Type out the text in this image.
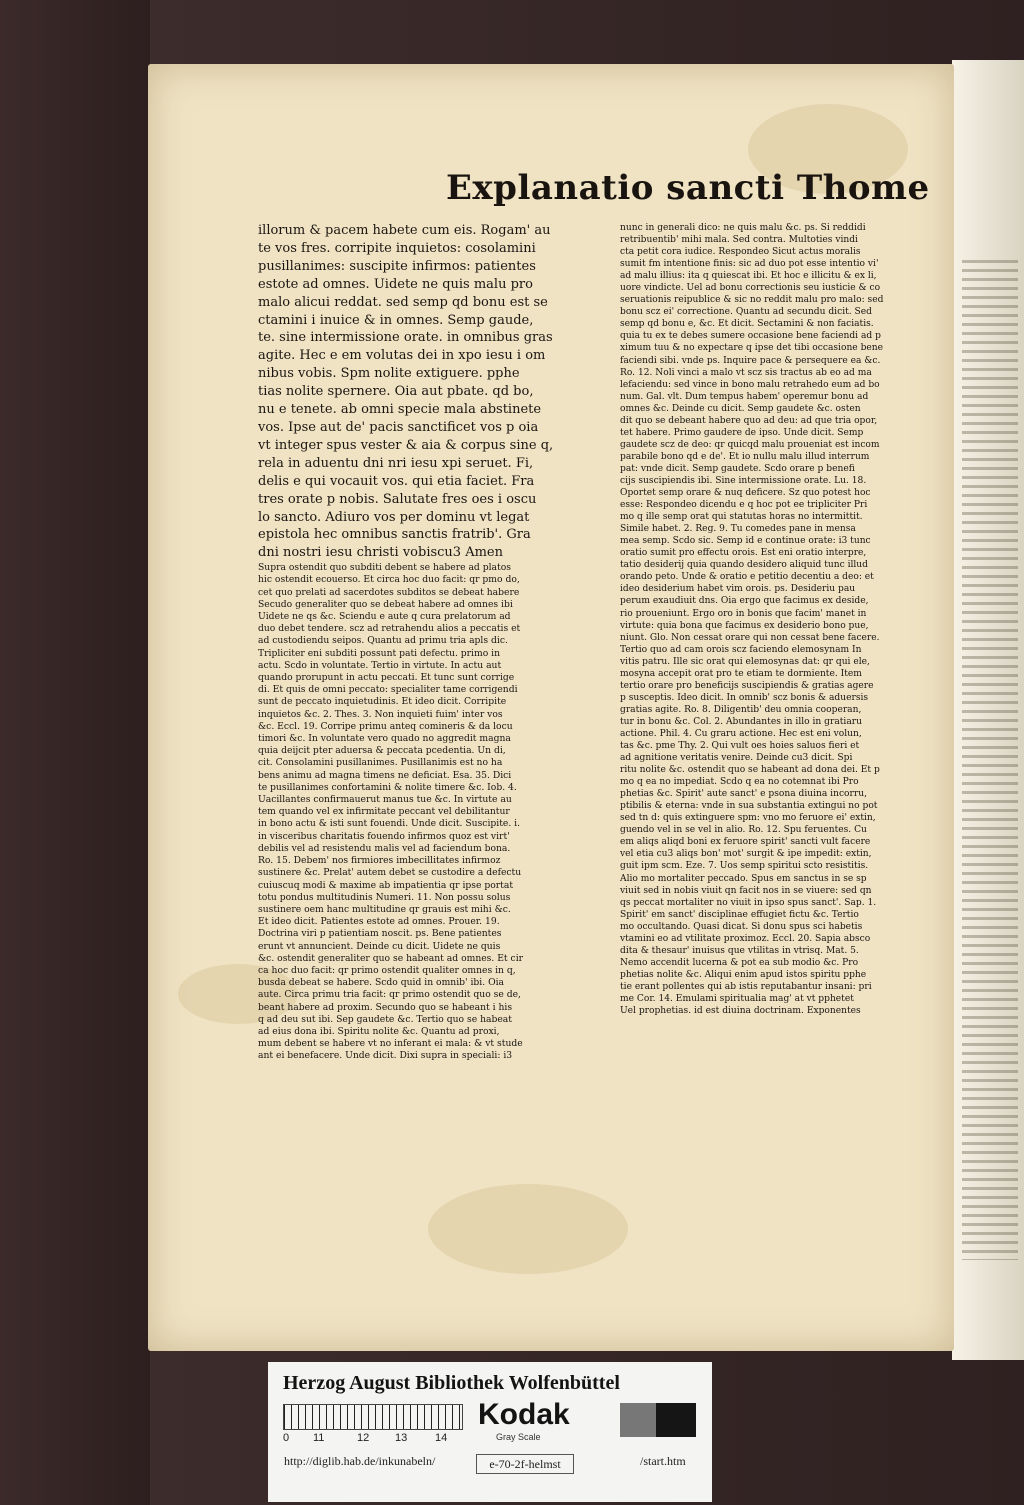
Explanatio sancti Thome
illorum & pacem habete cum eis. Rogam' au
te vos fres. corripite inquietos: cosolamini
pusillanimes: suscipite infirmos: patientes
estote ad omnes. Uidete ne quis malu pro
malo alicui reddat. sed semp qd bonu est se
ctamini i inuice & in omnes. Semp gaude,
te. sine intermissione orate. in omnibus gras
agite. Hec e em volutas dei in xpo iesu i om
nibus vobis. Spm nolite extiguere. pphe
tias nolite spernere. Oia aut pbate. qd bo,
nu e tenete. ab omni specie mala abstinete
vos. Ipse aut de' pacis sanctificet vos p oia
vt integer spus vester & aia & corpus sine q,
rela in aduentu dni nri iesu xpi seruet. Fi,
delis e qui vocauit vos. qui etia faciet. Fra
tres orate p nobis. Salutate fres oes i oscu
lo sancto. Adiuro vos per dominu vt legat
epistola hec omnibus sanctis fratrib'. Gra
dni nostri iesu christi vobiscu3 Amen
Supra ostendit quo subditi debent se habere ad platos
hic ostendit ecouerso. Et circa hoc duo facit: qr pmo do,
cet quo prelati ad sacerdotes subditos se debeat habere
Secudo generaliter quo se debeat habere ad omnes ibi
Uidete ne qs &c. Sciendu e aute q cura prelatorum ad
duo debet tendere. scz ad retrahendu alios a peccatis et
ad custodiendu seipos. Quantu ad primu tria apls dic.
Tripliciter eni subditi possunt pati defectu. primo in
actu. Scdo in voluntate. Tertio in virtute. In actu aut
quando prorupunt in actu peccati. Et tunc sunt corrige
di. Et quis de omni peccato: specialiter tame corrigendi
sunt de peccato inquietudinis. Et ideo dicit. Corripite
inquietos &c. 2. Thes. 3. Non inquieti fuim' inter vos
&c. Eccl. 19. Corripe primu anteq comineris & da locu
timori &c. In voluntate vero quado no aggredit magna
quia deijcit pter aduersa & peccata pcedentia. Un di,
cit. Consolamini pusillanimes. Pusillanimis est no ha
bens animu ad magna timens ne deficiat. Esa. 35. Dici
te pusillanimes confortamini & nolite timere &c. Iob. 4.
Uacillantes confirmauerut manus tue &c. In virtute au
tem quando vel ex infirmitate peccant vel debilitantur
in bono actu & isti sunt fouendi. Unde dicit. Suscipite. i.
in visceribus charitatis fouendo infirmos quoz est virt'
debilis vel ad resistendu malis vel ad faciendum bona.
Ro. 15. Debem' nos firmiores imbecillitates infirmoz
sustinere &c. Prelat' autem debet se custodire a defectu
cuiuscuq modi & maxime ab impatientia qr ipse portat
totu pondus multitudinis Numeri. 11. Non possu solus
sustinere oem hanc multitudine qr grauis est mihi &c.
Et ideo dicit. Patientes estote ad omnes. Prouer. 19.
Doctrina viri p patientiam noscit. ps. Bene patientes
erunt vt annuncient. Deinde cu dicit. Uidete ne quis
&c. ostendit generaliter quo se habeant ad omnes. Et cir
ca hoc duo facit: qr primo ostendit qualiter omnes in q,
busda debeat se habere. Scdo quid in omnib' ibi. Oia
aute. Circa primu tria facit: qr primo ostendit quo se de,
beant habere ad proxim. Secundo quo se habeant i his
q ad deu sut ibi. Sep gaudete &c. Tertio quo se habeat
ad eius dona ibi. Spiritu nolite &c. Quantu ad proxi,
mum debent se habere vt no inferant ei mala: & vt stude
ant ei benefacere. Unde dicit. Dixi supra in speciali: i3
nunc in generali dico: ne quis malu &c. ps. Si reddidi
retribuentib' mihi mala. Sed contra. Multoties vindi
cta petit cora iudice. Respondeo Sicut actus moralis
sumit fm intentione finis: sic ad duo pot esse intentio vi'
ad malu illius: ita q quiescat ibi. Et hoc e illicitu & ex li,
uore vindicte. Uel ad bonu correctionis seu iusticie & co
seruationis reipublice & sic no reddit malu pro malo: sed
bonu scz ei' correctione. Quantu ad secundu dicit. Sed
semp qd bonu e, &c. Et dicit. Sectamini & non faciatis.
quia tu ex te debes sumere occasione bene faciendi ad p
ximum tuu & no expectare q ipse det tibi occasione bene
faciendi sibi. vnde ps. Inquire pace & persequere ea &c.
Ro. 12. Noli vinci a malo vt scz sis tractus ab eo ad ma
lefaciendu: sed vince in bono malu retrahedo eum ad bo
num. Gal. vlt. Dum tempus habem' operemur bonu ad
omnes &c. Deinde cu dicit. Semp gaudete &c. osten
dit quo se debeant habere quo ad deu: ad que tria opor,
tet habere. Primo gaudere de ipso. Unde dicit. Semp
gaudete scz de deo: qr quicqd malu proueniat est incom
parabile bono qd e de'. Et io nullu malu illud interrum
pat: vnde dicit. Semp gaudete. Scdo orare p benefi
cijs suscipiendis ibi. Sine intermissione orate. Lu. 18.
Oportet semp orare & nuq deficere. Sz quo potest hoc
esse: Respondeo dicendu e q hoc pot ee tripliciter Pri
mo q ille semp orat qui statutas horas no intermittit.
Simile habet. 2. Reg. 9. Tu comedes pane in mensa
mea semp. Scdo sic. Semp id e continue orate: i3 tunc
oratio sumit pro effectu orois. Est eni oratio interpre,
tatio desiderij quia quando desidero aliquid tunc illud
orando peto. Unde & oratio e petitio decentiu a deo: et
ideo desiderium habet vim orois. ps. Desideriu pau
perum exaudiuit dns. Oia ergo que facimus ex deside,
rio proueniunt. Ergo oro in bonis que facim' manet in
virtute: quia bona que facimus ex desiderio bono pue,
niunt. Glo. Non cessat orare qui non cessat bene facere.
Tertio quo ad cam orois scz faciendo elemosynam In
vitis patru. Ille sic orat qui elemosynas dat: qr qui ele,
mosyna accepit orat pro te etiam te dormiente. Item
tertio orare pro beneficijs suscipiendis & gratias agere
p susceptis. Ideo dicit. In omnib' scz bonis & aduersis
gratias agite. Ro. 8. Diligentib' deu omnia cooperan,
tur in bonu &c. Col. 2. Abundantes in illo in gratiaru
actione. Phil. 4. Cu graru actione. Hec est eni volun,
tas &c. pme Thy. 2. Qui vult oes hoies saluos fieri et
ad agnitione veritatis venire. Deinde cu3 dicit. Spi
ritu nolite &c. ostendit quo se habeant ad dona dei. Et p
mo q ea no impediat. Scdo q ea no cotemnat ibi Pro
phetias &c. Spirit' aute sanct' e psona diuina incorru,
ptibilis & eterna: vnde in sua substantia extingui no pot
sed tn d: quis extinguere spm: vno mo feruore ei' extin,
guendo vel in se vel in alio. Ro. 12. Spu feruentes. Cu
em aliqs aliqd boni ex feruore spirit' sancti vult facere
vel etia cu3 aliqs bon' mot' surgit & ipe impedit: extin,
guit ipm scm. Eze. 7. Uos semp spiritui scto resistitis.
Alio mo mortaliter peccado. Spus em sanctus in se sp
viuit sed in nobis viuit qn facit nos in se viuere: sed qn
qs peccat mortaliter no viuit in ipso spus sanct'. Sap. 1.
Spirit' em sanct' disciplinae effugiet fictu &c. Tertio
mo occultando. Quasi dicat. Si donu spus sci habetis
vtamini eo ad vtilitate proximoz. Eccl. 20. Sapia absco
dita & thesaur' inuisus que vtilitas in vtrisq. Mat. 5.
Nemo accendit lucerna & pot ea sub modio &c. Pro
phetias nolite &c. Aliqui enim apud istos spiritu pphe
tie erant pollentes qui ab istis reputabantur insani: pri
me Cor. 14. Emulami spiritualia mag' at vt pphetet
Uel prophetias. id est diuina doctrinam. Exponentes
Herzog August Bibliothek Wolfenbüttel
0 11	12 13	14
Kodak
Gray Scale
http://diglib.hab.de/inkunabeln/	e-70-2f-helmst	/start.htm
